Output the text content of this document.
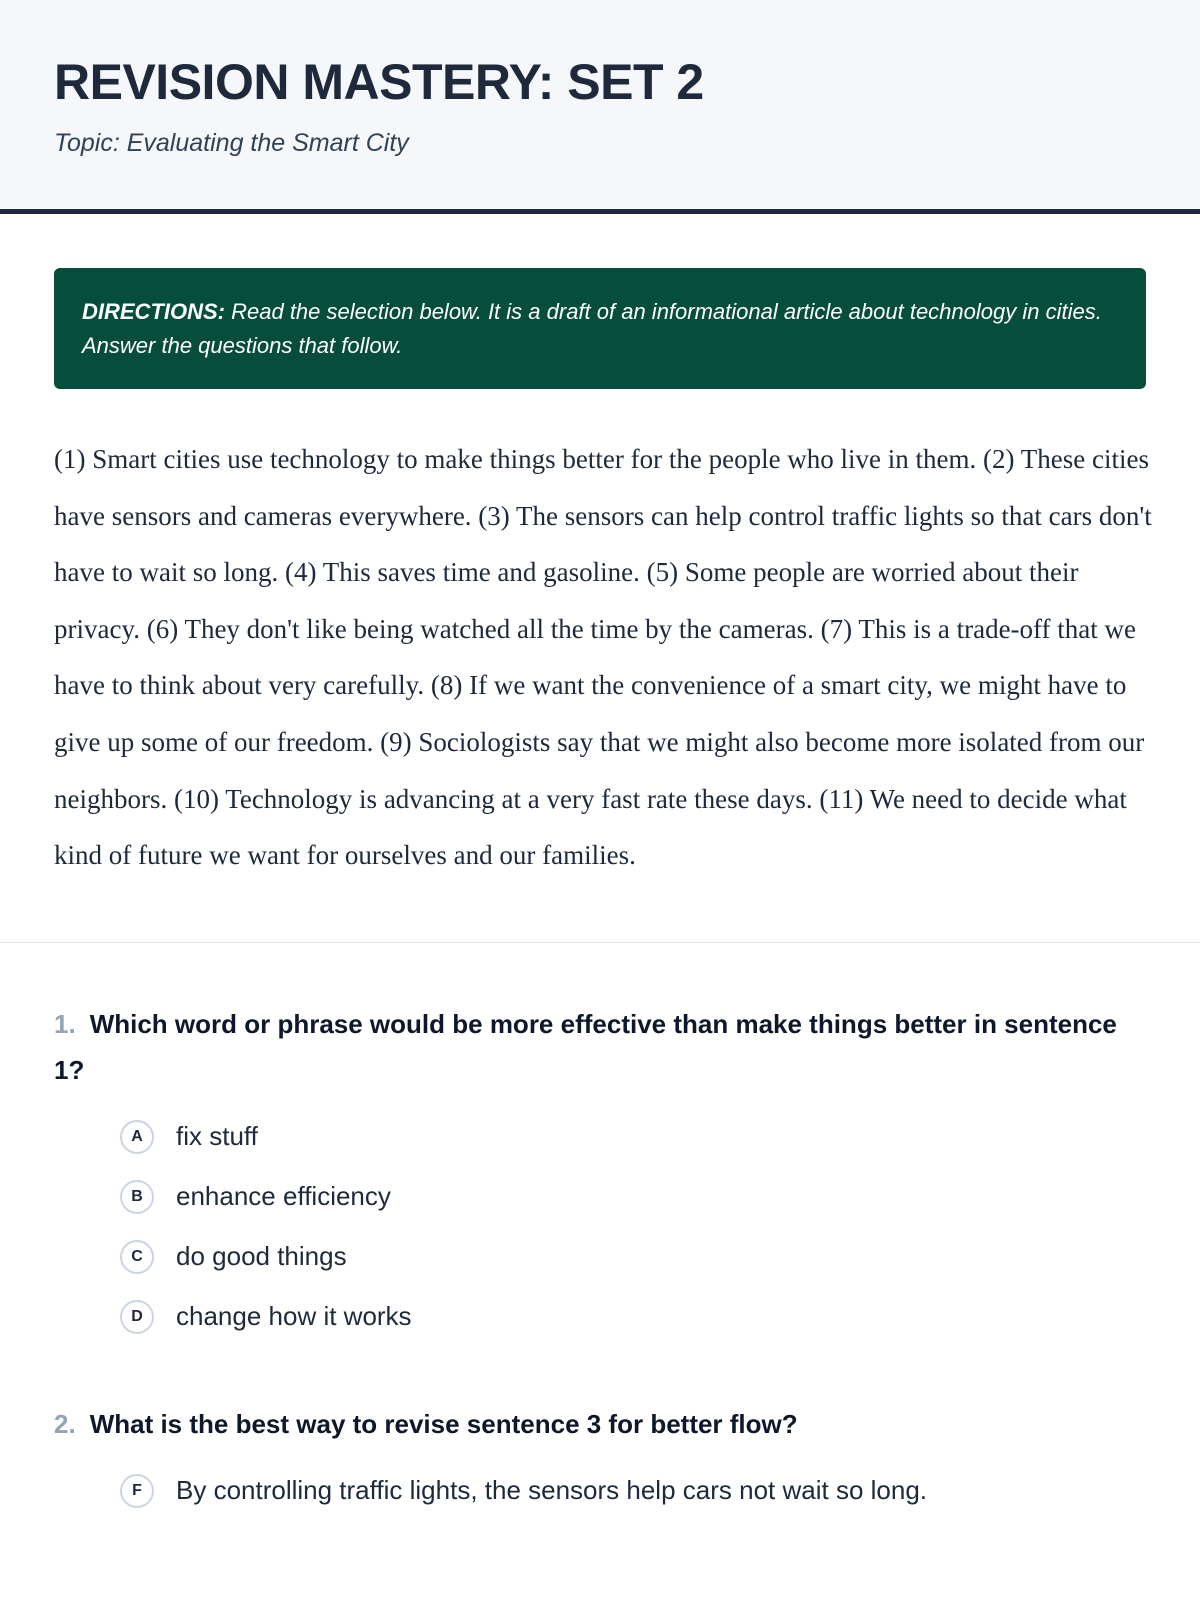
REVISION MASTERY: SET 2
Topic: Evaluating the Smart City
DIRECTIONS: Read the selection below. It is a draft of an informational article about technology in cities. Answer the questions that follow.
(1) Smart cities use technology to make things better for the people who live in them. (2) These cities have sensors and cameras everywhere. (3) The sensors can help control traffic lights so that cars don't have to wait so long. (4) This saves time and gasoline. (5) Some people are worried about their privacy. (6) They don't like being watched all the time by the cameras. (7) This is a trade-off that we have to think about very carefully. (8) If we want the convenience of a smart city, we might have to give up some of our freedom. (9) Sociologists say that we might also become more isolated from our neighbors. (10) Technology is advancing at a very fast rate these days. (11) We need to decide what kind of future we want for ourselves and our families.
1. Which word or phrase would be more effective than make things better in sentence 1?
A	fix stuff
B	enhance efficiency
C	do good things
D	change how it works
2. What is the best way to revise sentence 3 for better flow?
F	By controlling traffic lights, the sensors help cars not wait so long.
